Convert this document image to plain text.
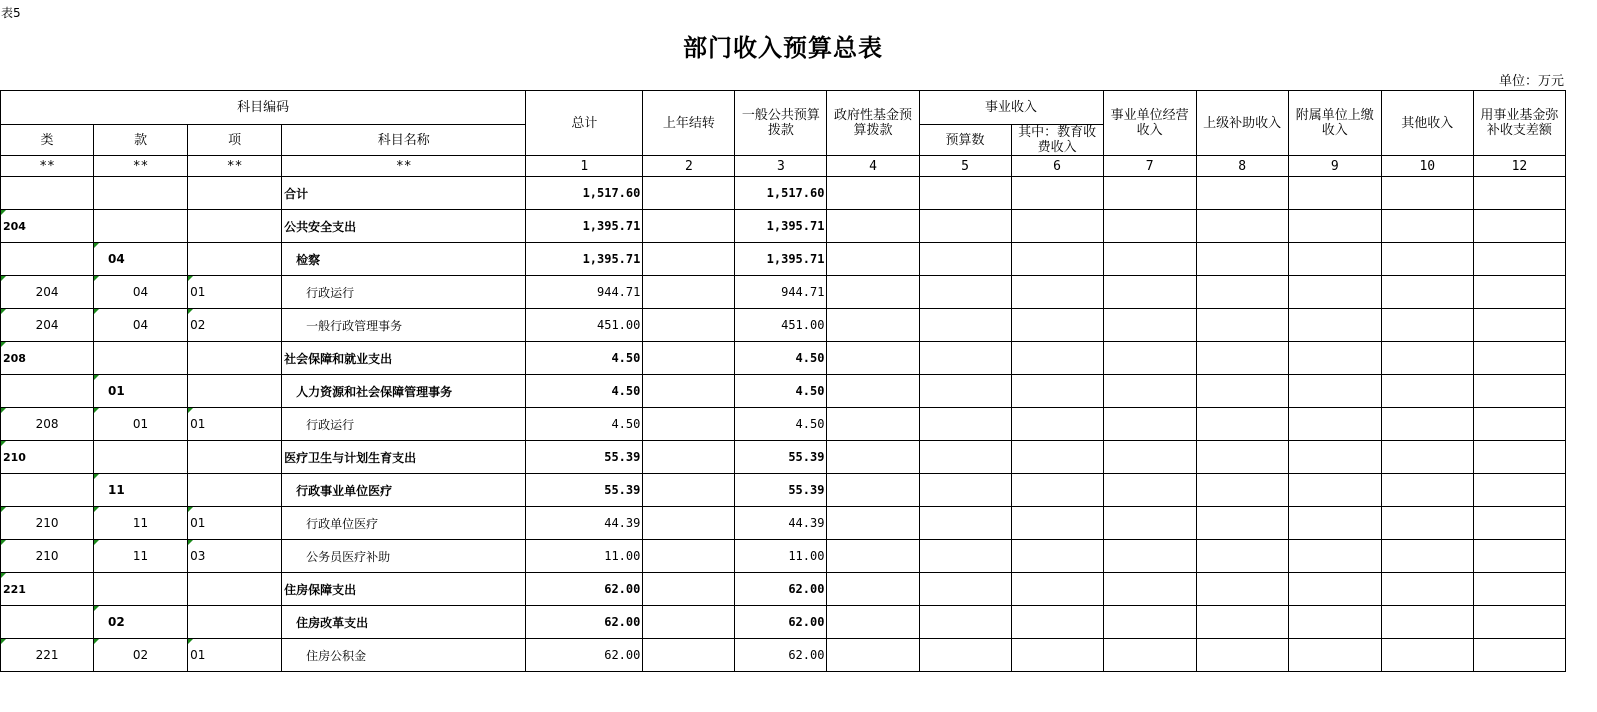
表5
部门收入预算总表
单位：万元
科目编码				总计	上年结转	一般公共预算拨款	政府性基金预算拨款	事业收入		事业单位经营收入	上级补助收入	附属单位上缴收入	其他收入	用事业基金弥补收支差额
类	款	项	科目名称					预算数	其中：教育收费收入					

**	**	**	**	1	2	3	4	5	6	7	8	9	10	12
			合计	1,517.60		1,517.60								
204			公共安全支出	1,395.71		1,395.71								
	04		检察	1,395.71		1,395.71								
204	04	01	行政运行	944.71		944.71								
204	04	02	一般行政管理事务	451.00		451.00								
208			社会保障和就业支出	4.50		4.50								
	01		人力资源和社会保障管理事务	4.50		4.50								
208	01	01	行政运行	4.50		4.50								
210			医疗卫生与计划生育支出	55.39		55.39								
	11		行政事业单位医疗	55.39		55.39								
210	11	01	行政单位医疗	44.39		44.39								
210	11	03	公务员医疗补助	11.00		11.00								
221			住房保障支出	62.00		62.00								
	02		住房改革支出	62.00		62.00								
221	02	01	住房公积金	62.00		62.00								
